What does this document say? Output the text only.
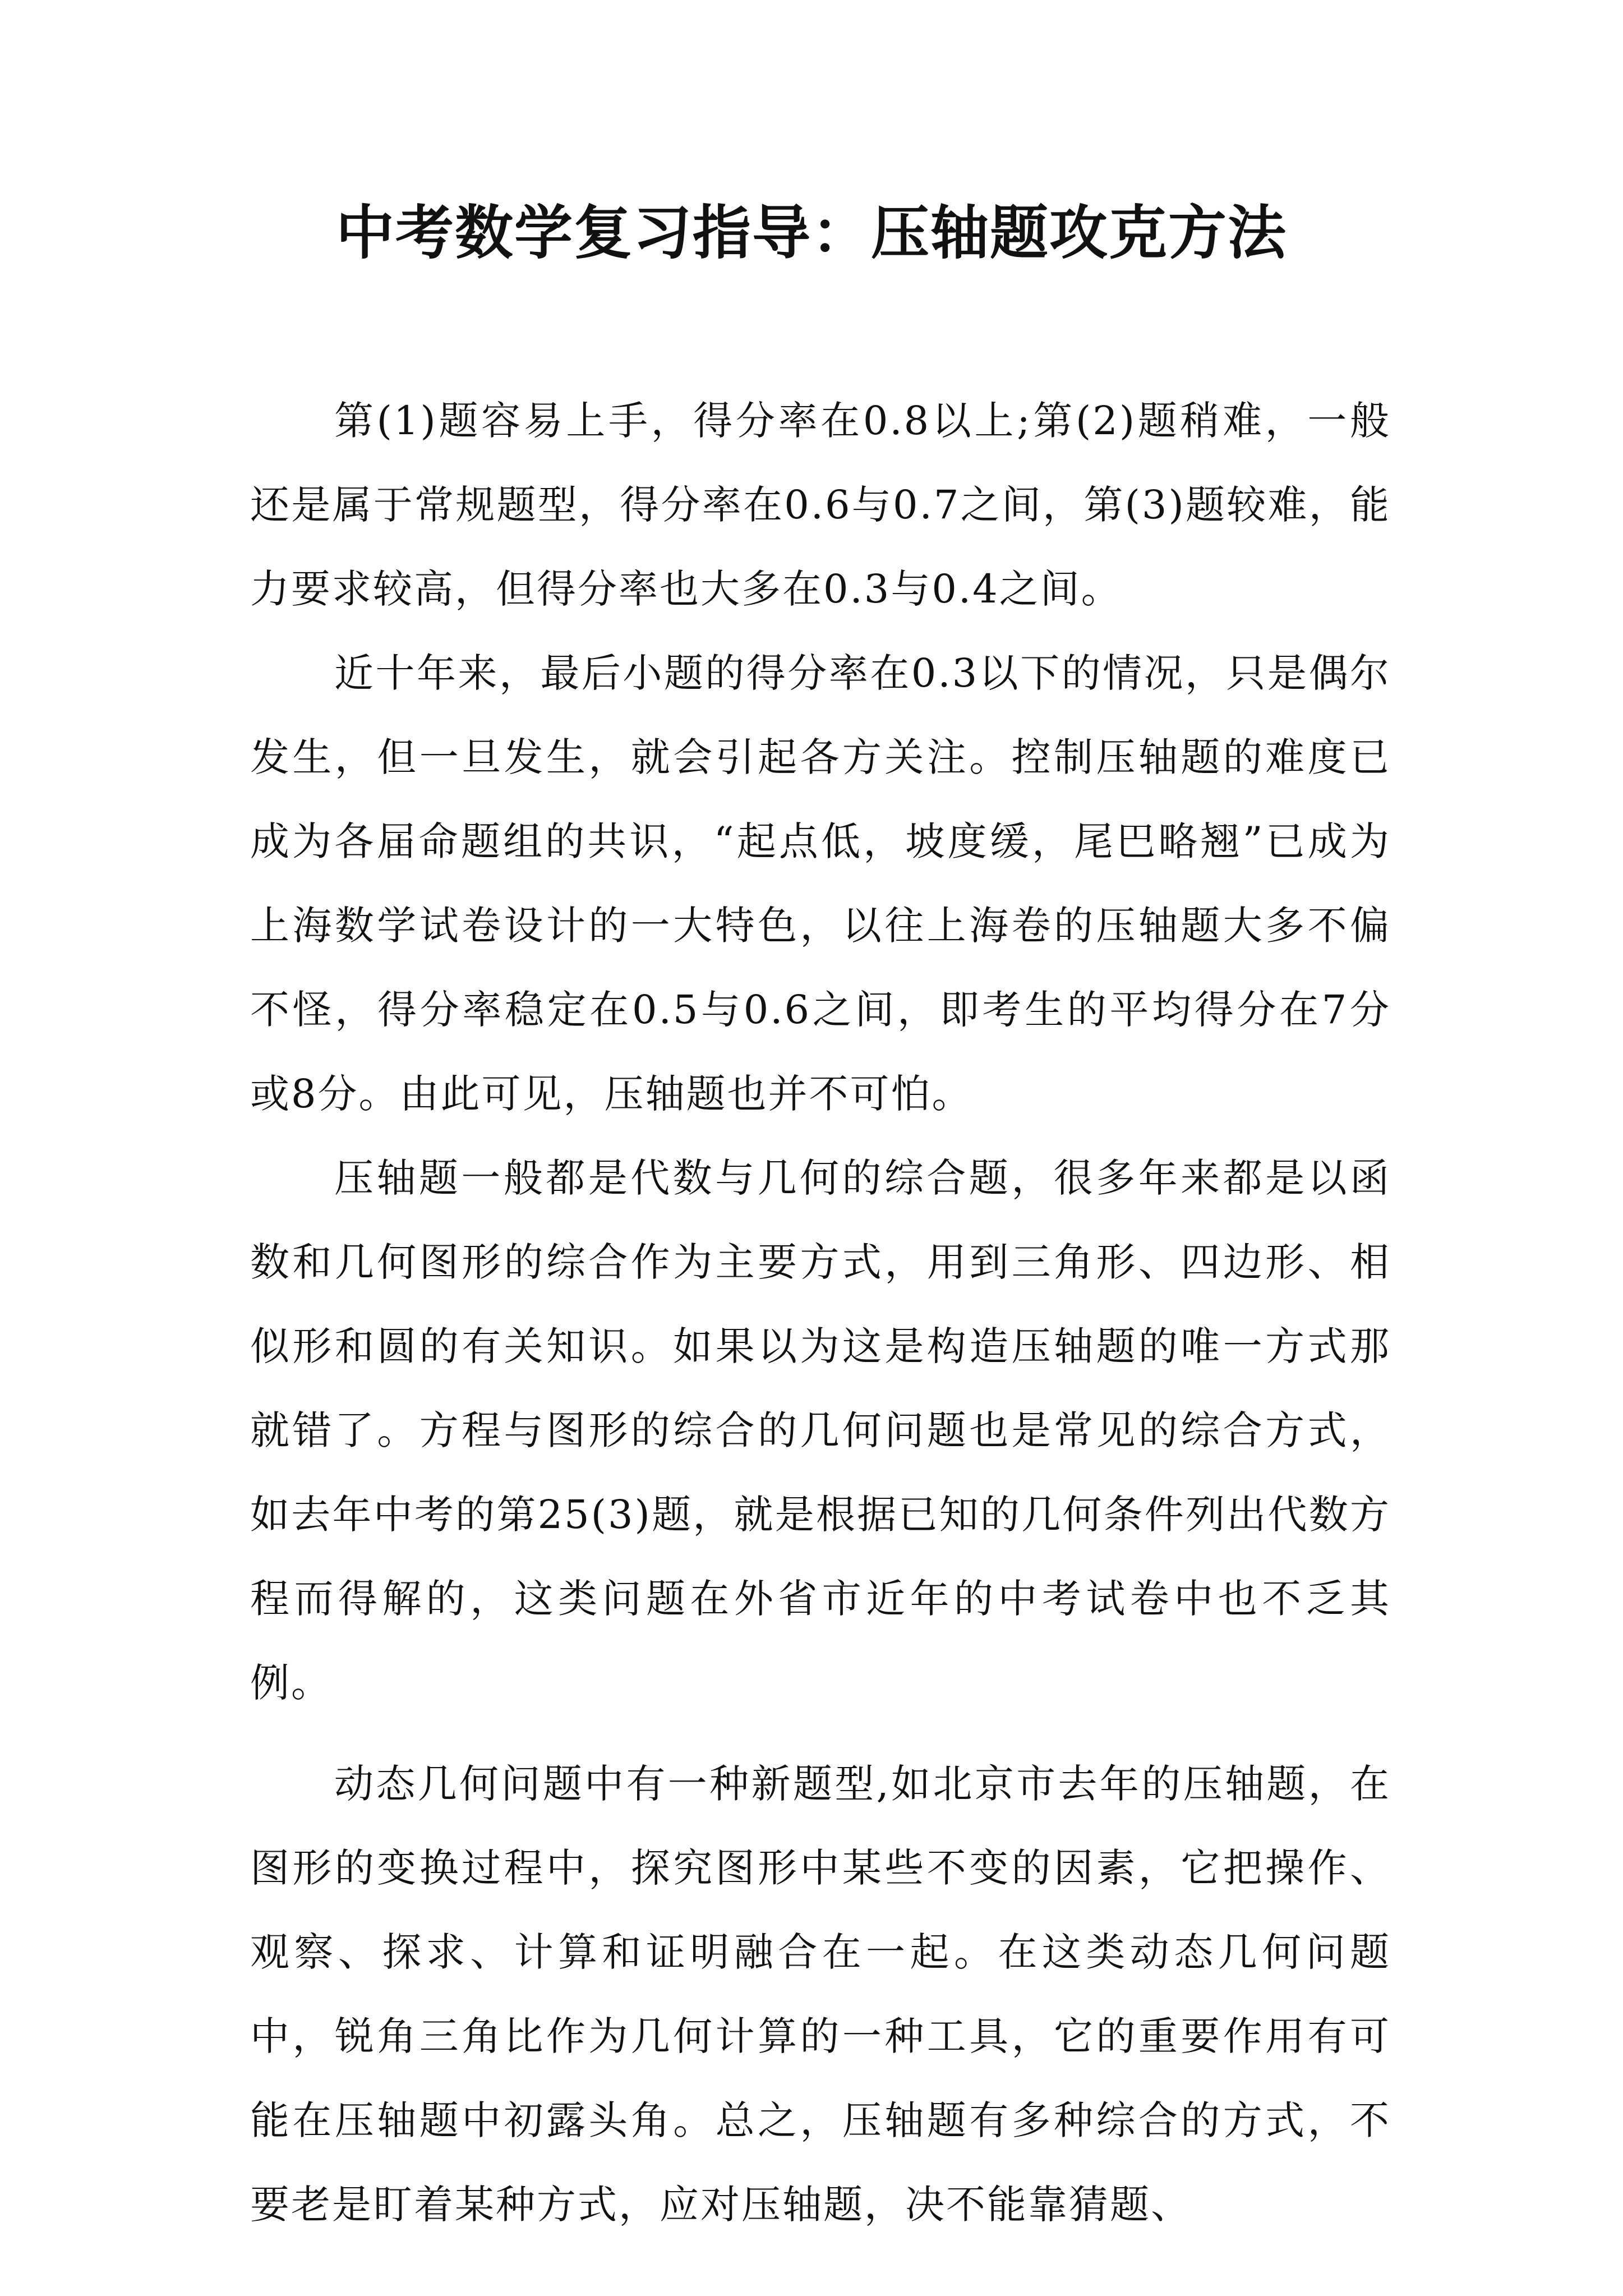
中考数学复习指导：压轴题攻克方法

第(1)题容易上手，得分率在0.8以上;第(2)题稍难，一般还是属于常规题型，得分率在0.6与0.7之间，第(3)题较难，能力要求较高，但得分率也大多在0.3与0.4之间。

近十年来，最后小题的得分率在0.3以下的情况，只是偶尔发生，但一旦发生，就会引起各方关注。控制压轴题的难度已成为各届命题组的共识，“起点低，坡度缓，尾巴略翘”已成为上海数学试卷设计的一大特色，以往上海卷的压轴题大多不偏不怪，得分率稳定在0.5与0.6之间，即考生的平均得分在7分或8分。由此可见，压轴题也并不可怕。

压轴题一般都是代数与几何的综合题，很多年来都是以函数和几何图形的综合作为主要方式，用到三角形、四边形、相似形和圆的有关知识。如果以为这是构造压轴题的唯一方式那就错了。方程与图形的综合的几何问题也是常见的综合方式，如去年中考的第25(3)题，就是根据已知的几何条件列出代数方程而得解的，这类问题在外省市近年的中考试卷中也不乏其例。

动态几何问题中有一种新题型,如北京市去年的压轴题，在图形的变换过程中，探究图形中某些不变的因素，它把操作、观察、探求、计算和证明融合在一起。在这类动态几何问题中，锐角三角比作为几何计算的一种工具，它的重要作用有可能在压轴题中初露头角。总之，压轴题有多种综合的方式，不要老是盯着某种方式，应对压轴题，决不能靠猜题、
